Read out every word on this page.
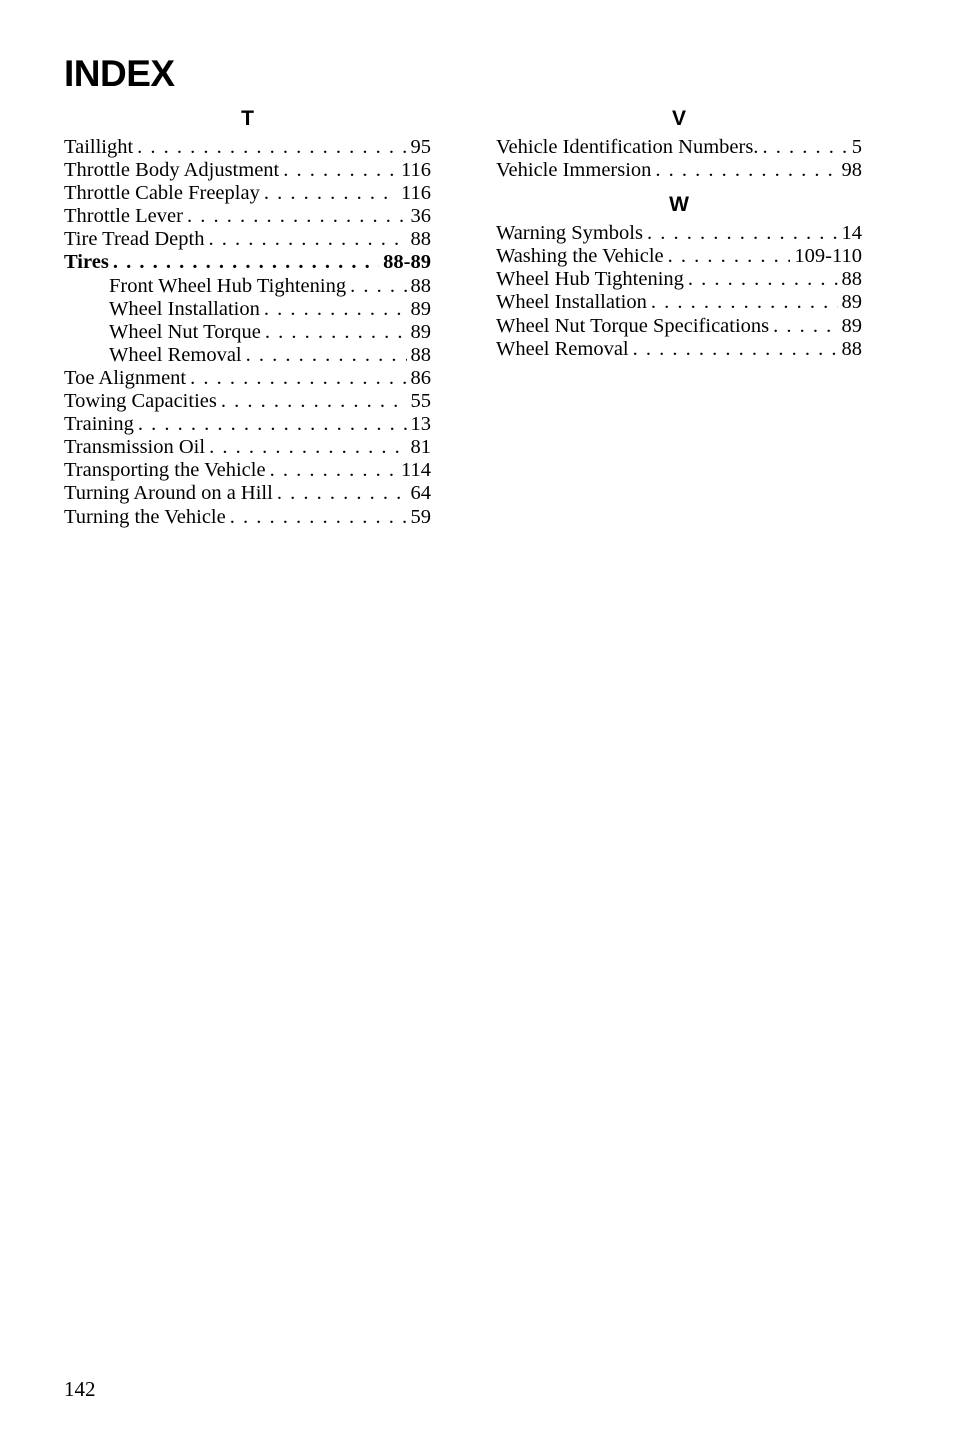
INDEX
T
Taillight . . .	95
Throttle Body Adjustment . . .	116
Throttle Cable Freeplay . . .	116
Throttle Lever . . .	36
Tire Tread Depth . . .	88
Tires . . .	88-89
Front Wheel Hub Tightening . . .	88
Wheel Installation . . .	89
Wheel Nut Torque . . .	89
Wheel Removal . . .	88
Toe Alignment . . .	86
Towing Capacities . . .	55
Training . . .	13
Transmission Oil . . .	81
Transporting the Vehicle . . .	114
Turning Around on a Hill . . .	64
Turning the Vehicle . . .	59
V
Vehicle Identification Numbers. . . .	5
Vehicle Immersion . . .	98
W
Warning Symbols . . .	14
Washing the Vehicle . . .	109-110
Wheel Hub Tightening . . .	88
Wheel Installation . . .	89
Wheel Nut Torque Specifications . . .	89
Wheel Removal . . .	88
142
